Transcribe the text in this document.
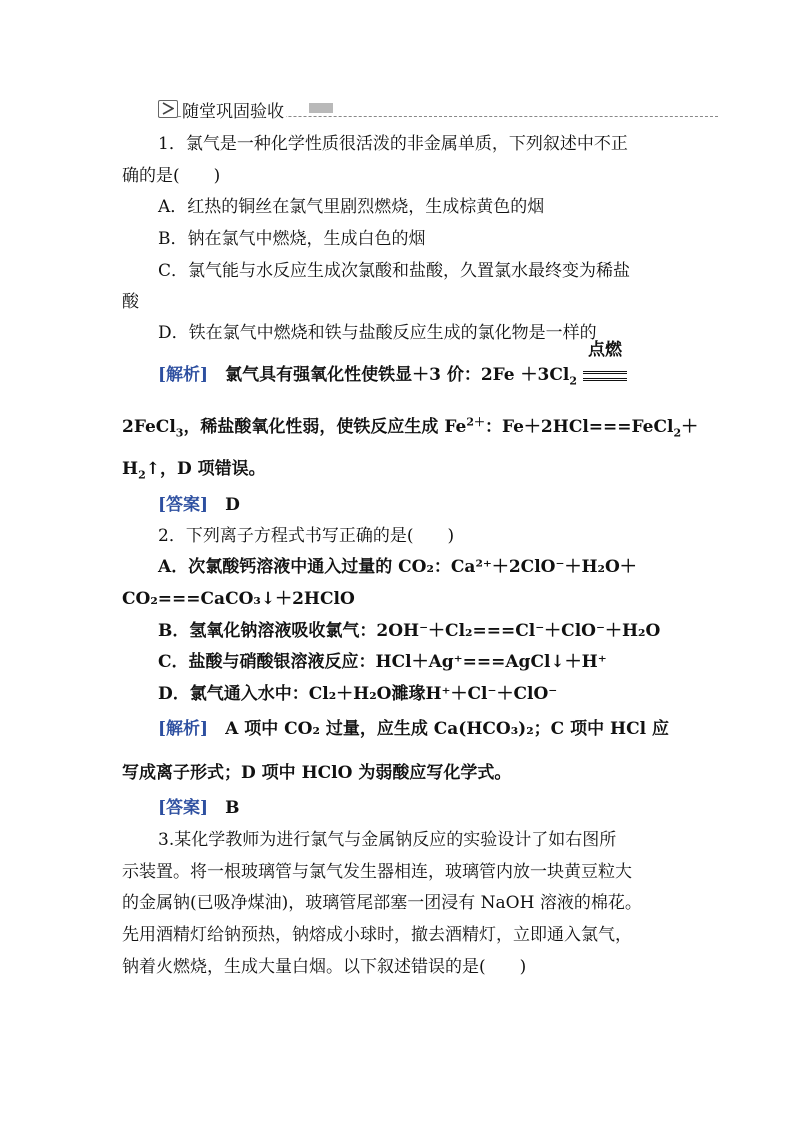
随堂巩固验收
1．氯气是一种化学性质很活泼的非金属单质，下列叙述中不正
确的是(　　)
A．红热的铜丝在氯气里剧烈燃烧，生成棕黄色的烟
B．钠在氯气中燃烧，生成白色的烟
C．氯气能与水反应生成次氯酸和盐酸，久置氯水最终变为稀盐
酸
D．铁在氯气中燃烧和铁与盐酸反应生成的氯化物是一样的
[解析]　氯气具有强氧化性使铁显＋3 价：$2Fe +3Cl_2$
点燃
2FeCl$_3$，稀盐酸氧化性弱，使铁反应生成 $Fe^{2+}$：Fe＋2HCl===FeCl$_2$＋
$H_2↑$，D 项错误。
[答案]　D
2．下列离子方程式书写正确的是(　　)
A．次氯酸钙溶液中通入过量的 CO₂：Ca²⁺＋2ClO⁻＋H₂O＋
CO₂===CaCO₃↓＋2HClO
B．氢氧化钠溶液吸收氯气：2OH⁻＋Cl₂===Cl⁻＋ClO⁻＋H₂O
C．盐酸与硝酸银溶液反应：HCl＋Ag⁺===AgCl↓＋H⁺
D．氯气通入水中：Cl₂＋H₂O濉瑑H⁺＋Cl⁻＋ClO⁻
[解析]　A 项中 CO₂ 过量，应生成 Ca(HCO₃)₂；C 项中 HCl 应
写成离子形式；D 项中 HClO 为弱酸应写化学式。
[答案]　B
3.某化学教师为进行氯气与金属钠反应的实验设计了如右图所
示装置。将一根玻璃管与氯气发生器相连，玻璃管内放一块黄豆粒大
的金属钠(已吸净煤油)，玻璃管尾部塞一团浸有 NaOH 溶液的棉花。
先用酒精灯给钠预热，钠熔成小球时，撤去酒精灯，立即通入氯气，
钠着火燃烧，生成大量白烟。以下叙述错误的是(　　)
